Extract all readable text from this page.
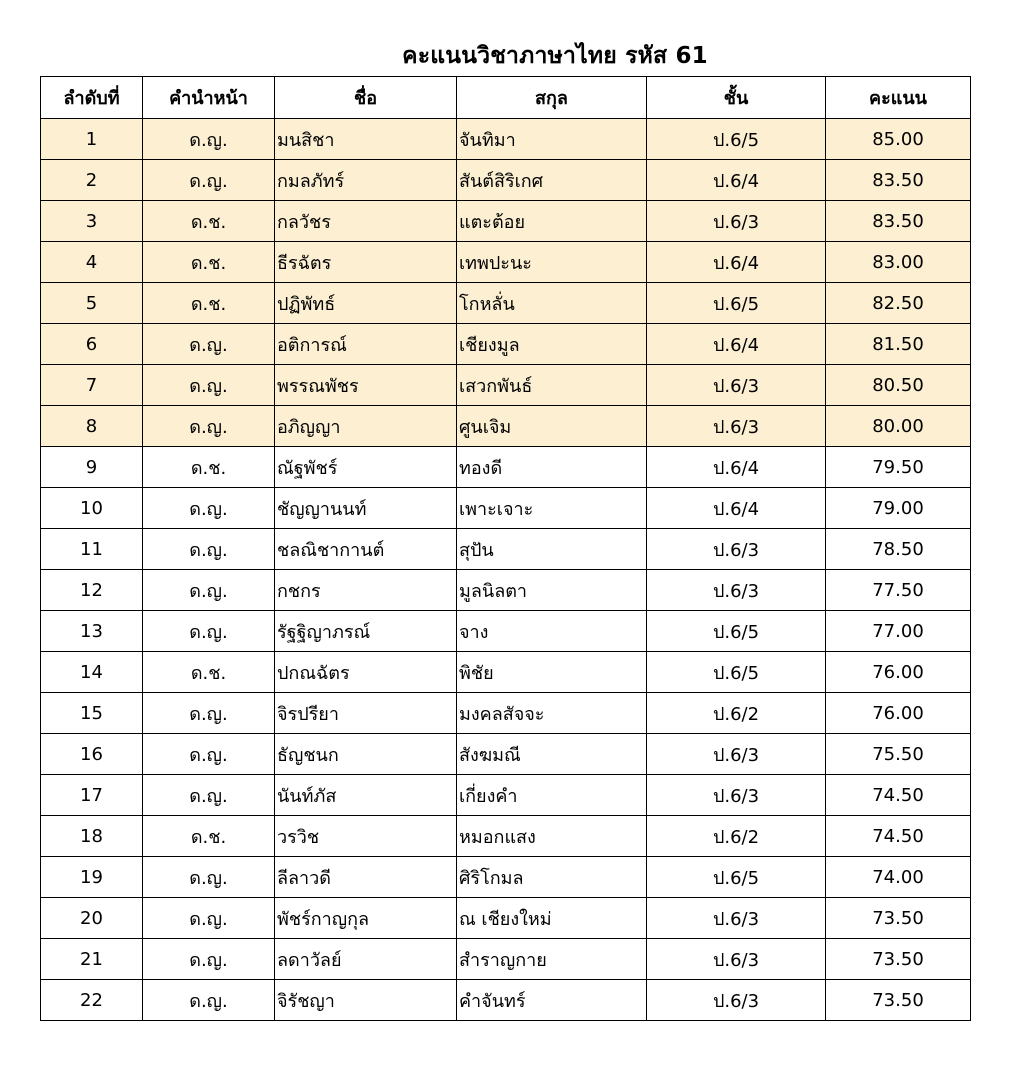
คะแนนวิชาภาษาไทย รหัส 61
ลำดับที่	คำนำหน้า	ชื่อ	สกุล	ชั้น	คะแนน
1	ด.ญ.	มนสิชา	จันทิมา	ป.6/5	85.00
2	ด.ญ.	กมลภัทร์	สันต์สิริเกศ	ป.6/4	83.50
3	ด.ช.	กลวัชร	แตะต้อย	ป.6/3	83.50
4	ด.ช.	ธีรฉัตร	เทพปะนะ	ป.6/4	83.00
5	ด.ช.	ปฏิพัทธ์	โกหลั่น	ป.6/5	82.50
6	ด.ญ.	อติการณ์	เชียงมูล	ป.6/4	81.50
7	ด.ญ.	พรรณพัชร	เสวกพันธ์	ป.6/3	80.50
8	ด.ญ.	อภิญญา	ศูนเจิม	ป.6/3	80.00
9	ด.ช.	ณัฐพัชร์	ทองดี	ป.6/4	79.50
10	ด.ญ.	ชัญญานนท์	เพาะเจาะ	ป.6/4	79.00
11	ด.ญ.	ชลณิชากานต์	สุปัน	ป.6/3	78.50
12	ด.ญ.	กชกร	มูลนิลตา	ป.6/3	77.50
13	ด.ญ.	รัฐฐิญาภรณ์	จาง	ป.6/5	77.00
14	ด.ช.	ปกณฉัตร	พิชัย	ป.6/5	76.00
15	ด.ญ.	จิรปรียา	มงคลสัจจะ	ป.6/2	76.00
16	ด.ญ.	ธัญชนก	สังฆมณี	ป.6/3	75.50
17	ด.ญ.	นันท์ภัส	เกี่ยงคำ	ป.6/3	74.50
18	ด.ช.	วรวิช	หมอกแสง	ป.6/2	74.50
19	ด.ญ.	ลีลาวดี	ศิริโกมล	ป.6/5	74.00
20	ด.ญ.	พัชร์กาญกุล	ณ เชียงใหม่	ป.6/3	73.50
21	ด.ญ.	ลดาวัลย์	สำราญกาย	ป.6/3	73.50
22	ด.ญ.	จิรัชญา	คำจันทร์	ป.6/3	73.50
